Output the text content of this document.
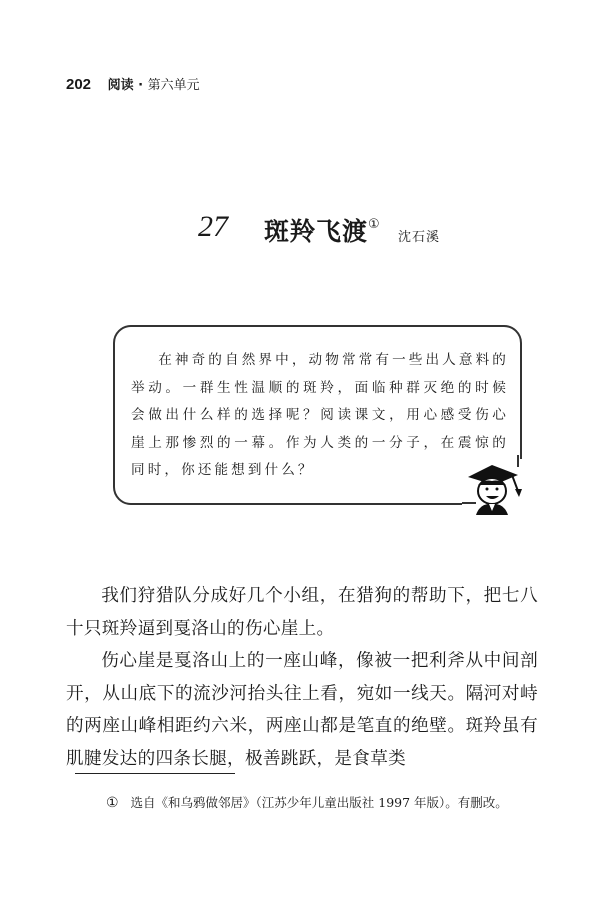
202 阅读 · 第六单元
27 斑羚飞渡①
沈石溪

在神奇的自然界中，动物常常有一些出人意料的举动。一群生性温顺的斑羚，面临种群灭绝的时候会做出什么样的选择呢？阅读课文，用心感受伤心崖上那惨烈的一幕。作为人类的一分子，在震惊的同时，你还能想到什么？

我们狩猎队分成好几个小组，在猎狗的帮助下，把七八十只斑羚逼到戛洛山的伤心崖上。

伤心崖是戛洛山上的一座山峰，像被一把利斧从中间剖开，从山底下的流沙河抬头往上看，宛如一线天。隔河对峙的两座山峰相距约六米，两座山都是笔直的绝壁。斑羚虽有肌腱发达的四条长腿，极善跳跃，是食草类

① 选自《和乌鸦做邻居》（江苏少年儿童出版社 1997 年版）。有删改。
